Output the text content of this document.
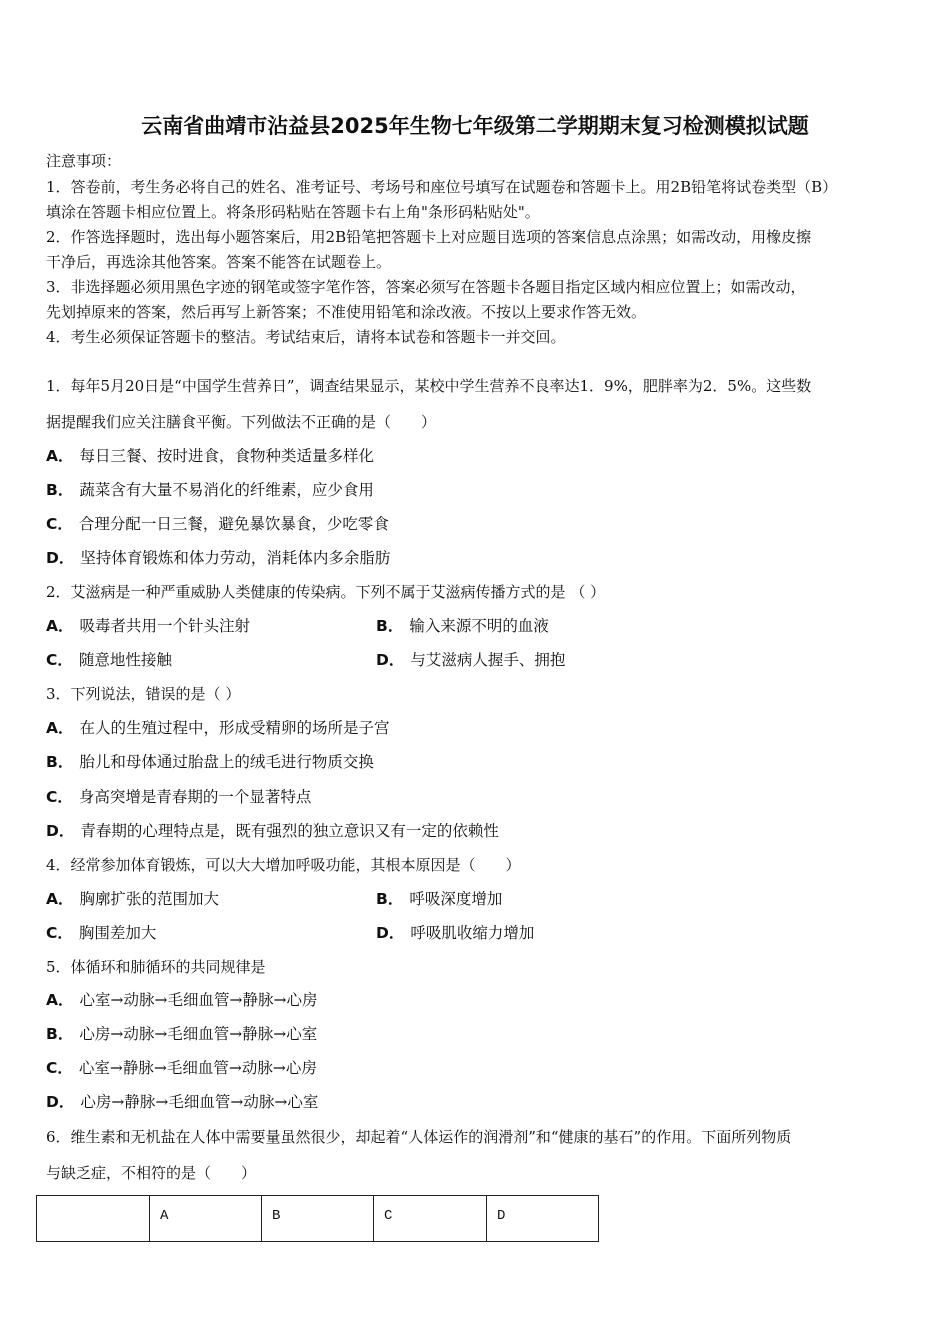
云南省曲靖市沾益县2025年生物七年级第二学期期末复习检测模拟试题
注意事项：
1．答卷前，考生务必将自己的姓名、准考证号、考场号和座位号填写在试题卷和答题卡上。用2B铅笔将试卷类型（B）
填涂在答题卡相应位置上。将条形码粘贴在答题卡右上角"条形码粘贴处"。
2．作答选择题时，选出每小题答案后，用2B铅笔把答题卡上对应题目选项的答案信息点涂黑；如需改动，用橡皮擦
干净后，再选涂其他答案。答案不能答在试题卷上。
3．非选择题必须用黑色字迹的钢笔或签字笔作答，答案必须写在答题卡各题目指定区域内相应位置上；如需改动，
先划掉原来的答案，然后再写上新答案；不准使用铅笔和涂改液。不按以上要求作答无效。
4．考生必须保证答题卡的整洁。考试结束后，请将本试卷和答题卡一并交回。
1．每年5月20日是“中国学生营养日”，调查结果显示，某校中学生营养不良率达1．9%，肥胖率为2．5%。这些数
据提醒我们应关注膳食平衡。下列做法不正确的是（　　）
A． 每日三餐、按时进食，食物种类适量多样化
B． 蔬菜含有大量不易消化的纤维素，应少食用
C． 合理分配一日三餐，避免暴饮暴食，少吃零食
D． 坚持体育锻炼和体力劳动，消耗体内多余脂肪
2．艾滋病是一种严重威胁人类健康的传染病。下列不属于艾滋病传播方式的是 （ ）
A． 吸毒者共用一个针头注射	B． 输入来源不明的血液
C． 随意地性接触	D． 与艾滋病人握手、拥抱
3．下列说法，错误的是（ ）
A． 在人的生殖过程中，形成受精卵的场所是子宫
B． 胎儿和母体通过胎盘上的绒毛进行物质交换
C． 身高突增是青春期的一个显著特点
D． 青春期的心理特点是，既有强烈的独立意识又有一定的依赖性
4．经常参加体育锻炼，可以大大增加呼吸功能，其根本原因是（　　）
A． 胸廓扩张的范围加大	B． 呼吸深度增加
C． 胸围差加大	D． 呼吸肌收缩力增加
5．体循环和肺循环的共同规律是
A． 心室→动脉→毛细血管→静脉→心房
B． 心房→动脉→毛细血管→静脉→心室
C． 心室→静脉→毛细血管→动脉→心房
D． 心房→静脉→毛细血管→动脉→心室
6．维生素和无机盐在人体中需要量虽然很少，却起着“人体运作的润滑剂”和“健康的基石”的作用。下面所列物质
与缺乏症，不相符的是（　　）
	A	B	C	D
